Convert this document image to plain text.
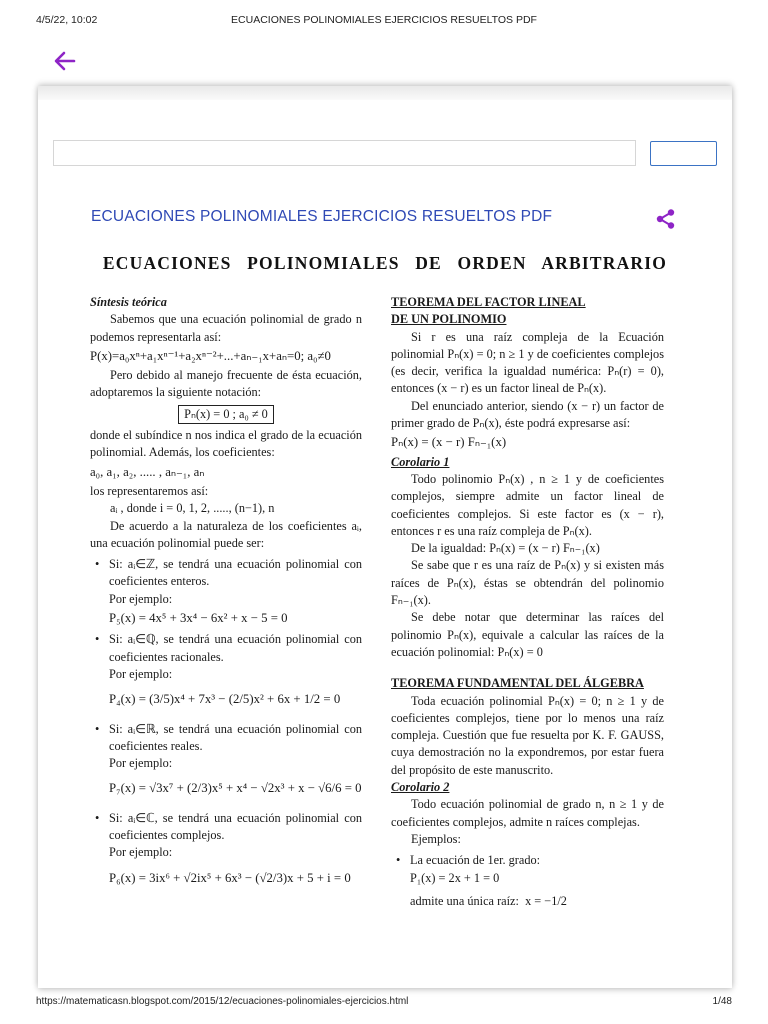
4/5/22, 10:02	ECUACIONES POLINOMIALES EJERCICIOS RESUELTOS PDF
ECUACIONES POLINOMIALES EJERCICIOS RESUELTOS PDF
ECUACIONES POLINOMIALES DE ORDEN ARBITRARIO

Síntesis teórica

Sabemos que una ecuación polinomial de grado n podemos representarla así:

P(x)=a₀xⁿ+a₁xⁿ⁻¹+a₂xⁿ⁻²+...+aₙ₋₁x+aₙ=0; a₀≠0

Pero debido al manejo frecuente de ésta ecuación, adoptaremos la siguiente notación:

Pₙ(x) = 0 ; a₀ ≠ 0

donde el subíndice n nos indica el grado de la ecuación polinomial. Además, los coeficientes:

a₀, a₁, a₂, ..... , aₙ₋₁, aₙ

los representaremos así:

aᵢ , donde i = 0, 1, 2, ....., (n−1), n

De acuerdo a la naturaleza de los coeficientes aᵢ, una ecuación polinomial puede ser:

• Si: aᵢ∈ℤ, se tendrá una ecuación polinomial con coeficientes enteros.

Por ejemplo:

P₅(x) = 4x⁵ + 3x⁴ − 6x² + x − 5 = 0

• Si: aᵢ∈ℚ, se tendrá una ecuación polinomial con coeficientes racionales.

Por ejemplo:

P₄(x) = (3/5)x⁴ + 7x³ − (2/5)x² + 6x + 1/2 = 0

• Si: aᵢ∈ℝ, se tendrá una ecuación polinomial con coeficientes reales.

Por ejemplo:

P₇(x) = √3x⁷ + (2/3)x⁵ + x⁴ − √2x³ + x − √6/6 = 0

• Si: aᵢ∈ℂ, se tendrá una ecuación polinomial con coeficientes complejos.

Por ejemplo:

P₆(x) = 3ix⁶ + √2ix⁵ + 6x³ − (√2/3)x + 5 + i = 0

TEOREMA DEL FACTOR LINEAL

DE UN POLINOMIO

Si r es una raíz compleja de la Ecuación polinomial Pₙ(x) = 0; n ≥ 1 y de coeficientes complejos (es decir, verifica la igualdad numérica: Pₙ(r) = 0), entonces (x − r) es un factor lineal de Pₙ(x).

Del enunciado anterior, siendo (x − r) un factor de primer grado de Pₙ(x), éste podrá expresarse así:

Pₙ(x) = (x − r) Fₙ₋₁(x)

Corolario 1

Todo polinomio Pₙ(x) , n ≥ 1 y de coeficientes complejos, siempre admite un factor lineal de coeficientes complejos. Si este factor es (x − r), entonces r es una raíz compleja de Pₙ(x).

De la igualdad: Pₙ(x) = (x − r) Fₙ₋₁(x)

Se sabe que r es una raíz de Pₙ(x) y si existen más raíces de Pₙ(x), éstas se obtendrán del polinomio Fₙ₋₁(x).

Se debe notar que determinar las raíces del polinomio Pₙ(x), equivale a calcular las raíces de la ecuación polinomial: Pₙ(x) = 0

TEOREMA FUNDAMENTAL DEL ÁLGEBRA

Toda ecuación polinomial Pₙ(x) = 0; n ≥ 1 y de coeficientes complejos, tiene por lo menos una raíz compleja. Cuestión que fue resuelta por K. F. GAUSS, cuya demostración no la expondremos, por estar fuera del propósito de este manuscrito.

Corolario 2

Todo ecuación polinomial de grado n, n ≥ 1 y de coeficientes complejos, admite n raíces complejas.

Ejemplos:

• La ecuación de 1er. grado:

P₁(x) = 2x + 1 = 0

admite una única raíz: x = −1/2

https://matematicasn.blogspot.com/2015/12/ecuaciones-polinomiales-ejercicios.html	1/48
